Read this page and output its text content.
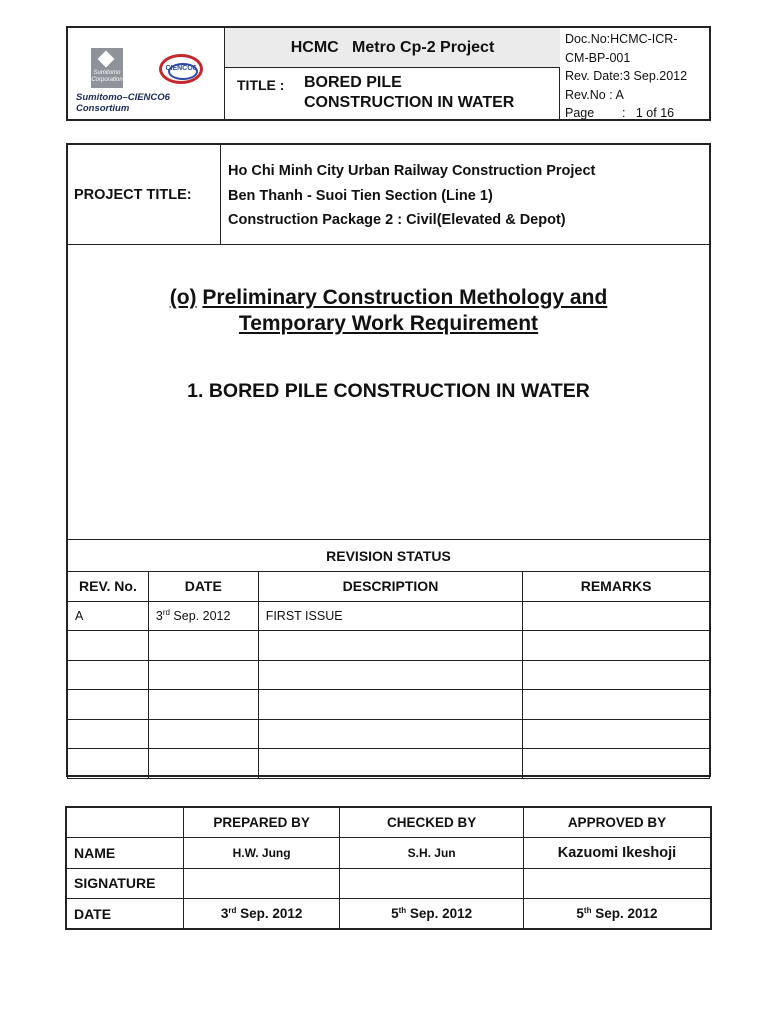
Sumitomo Corporation
CIENCO6
Sumitomo–CIENCO6 Consortium
HCMC   Metro Cp-2 Project
TITLE : BORED PILE
CONSTRUCTION IN WATER
Doc.No:HCMC-ICR-
CM-BP-001
Rev. Date:3 Sep.2012
Rev.No : A
Page        :   1 of 16
PROJECT TITLE:
Ho Chi Minh City Urban Railway Construction Project
Ben Thanh - Suoi Tien Section (Line 1)
Construction Package 2 : Civil(Elevated & Depot)
(o) Preliminary Construction Methology and
Temporary Work Requirement
1. BORED PILE CONSTRUCTION IN WATER
REVISION STATUS			
REV. No.	DATE	DESCRIPTION	REMARKS
A	3rd Sep. 2012	FIRST ISSUE	

	PREPARED BY	CHECKED BY	APPROVED BY
NAME	H.W. Jung	S.H. Jun	Kazuomi Ikeshoji
SIGNATURE			
DATE	3rd Sep. 2012	5th Sep. 2012	5th Sep. 2012
